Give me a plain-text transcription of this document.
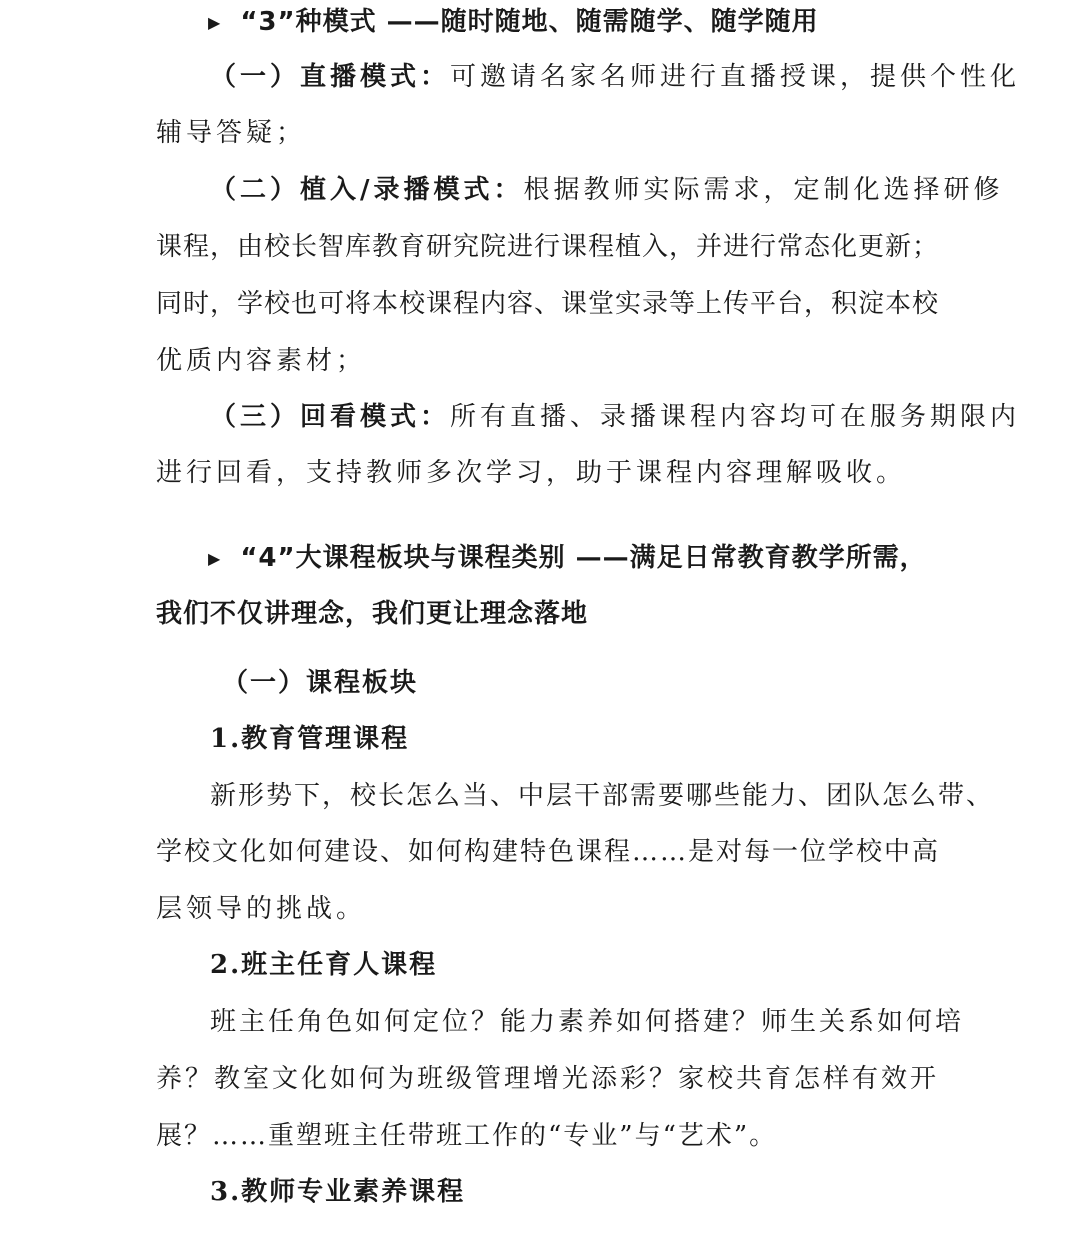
▶ “3”种模式 ——随时随地、随需随学、随学随用
（一）直播模式：可邀请名家名师进行直播授课，提供个性化
辅导答疑；
（二）植入/录播模式：根据教师实际需求，定制化选择研修
课程，由校长智库教育研究院进行课程植入，并进行常态化更新；
同时，学校也可将本校课程内容、课堂实录等上传平台，积淀本校
优质内容素材；
（三）回看模式：所有直播、录播课程内容均可在服务期限内
进行回看，支持教师多次学习，助于课程内容理解吸收。
▶ “4”大课程板块与课程类别 ——满足日常教育教学所需，
我们不仅讲理念，我们更让理念落地
（一）课程板块
1.教育管理课程
新形势下，校长怎么当、中层干部需要哪些能力、团队怎么带、
学校文化如何建设、如何构建特色课程……是对每一位学校中高
层领导的挑战。
2.班主任育人课程
班主任角色如何定位？能力素养如何搭建？师生关系如何培
养？教室文化如何为班级管理增光添彩？家校共育怎样有效开
展？……重塑班主任带班工作的“专业”与“艺术”。
3.教师专业素养课程
